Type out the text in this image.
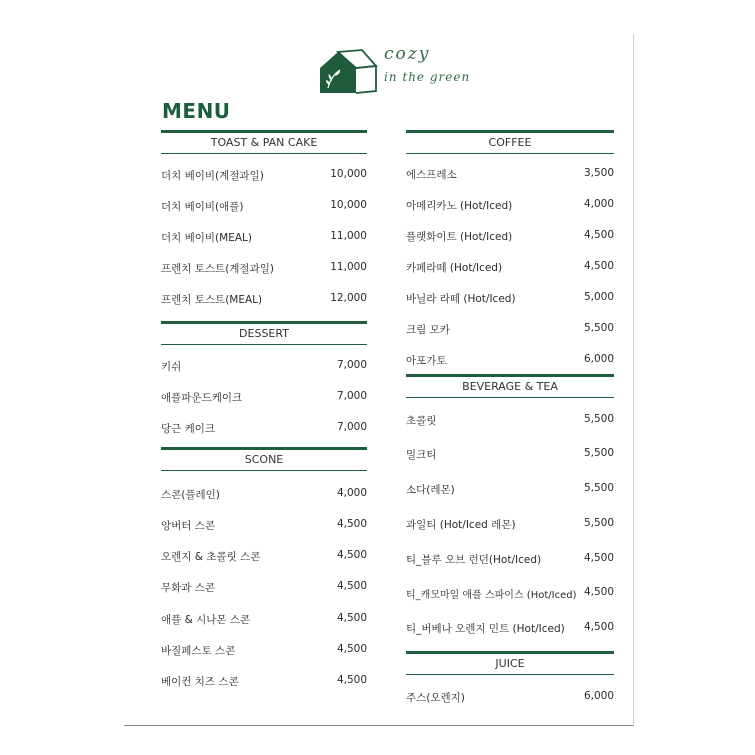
cozy
in the green
MENU
TOAST & PAN CAKE
더치 베이비(계절과일)	10,000
더치 베이비(애플)	10,000
더치 베이비(MEAL)	11,000
프렌치 토스트(계절과일)	11,000
프렌치 토스트(MEAL)	12,000
DESSERT
키쉬	7,000
애플파운드케이크	7,000
당근 케이크	7,000
SCONE
스콘(플레인)	4,000
앙버터 스콘	4,500
오렌지 & 초콜릿 스콘	4,500
무화과 스콘	4,500
애플 & 시나몬 스콘	4,500
바질페스토 스콘	4,500
베이컨 치즈 스콘	4,500
COFFEE
에스프레소	3,500
아메리카노 (Hot/Iced)	4,000
플랫화이트 (Hot/Iced)	4,500
카페라떼 (Hot/Iced)	4,500
바닐라 라떼 (Hot/Iced)	5,000
크림 모카	5,500
아포가토	6,000
BEVERAGE & TEA
초콜릿	5,500
밀크티	5,500
소다(레몬)	5,500
과일티 (Hot/Iced 레몬)	5,500
티_블루 오브 런던(Hot/Iced)	4,500
티_캐모마일 애플 스파이스 (Hot/Iced) 4,500
티_버베나 오렌지 민트 (Hot/Iced) 4,500
JUICE
주스(오렌지)	6,000
